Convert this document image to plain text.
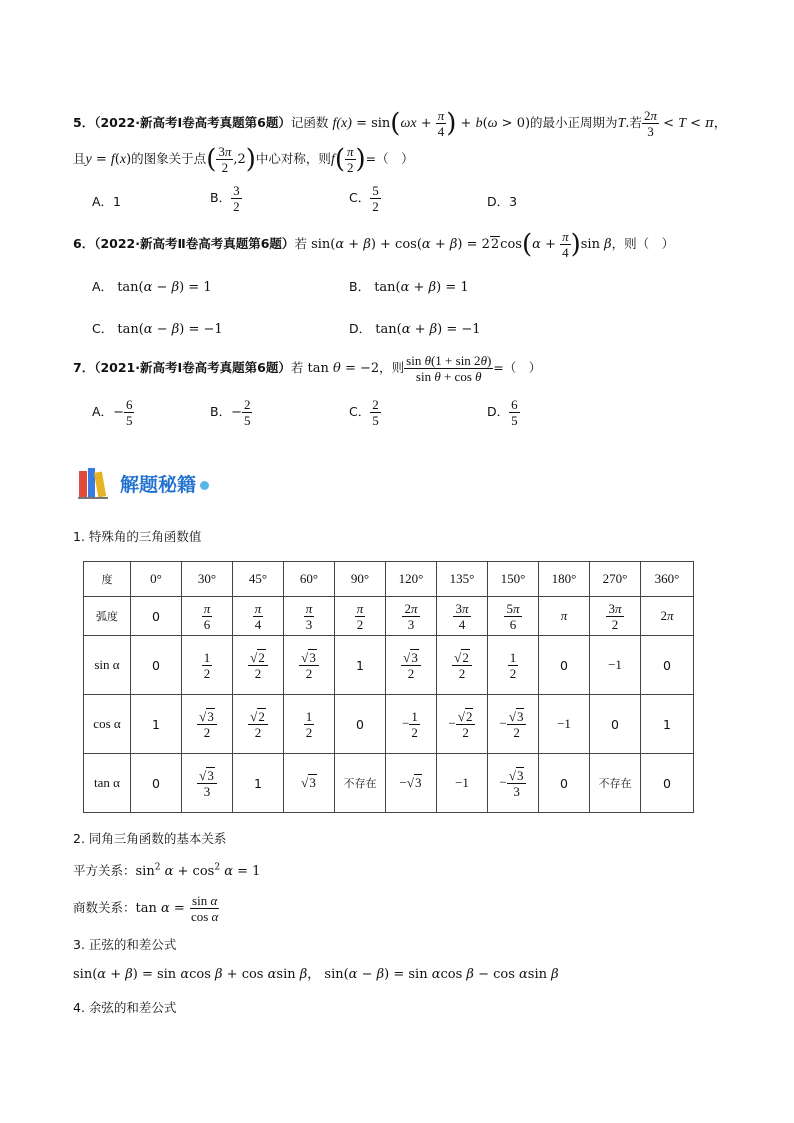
5．（2022·新高考Ⅰ卷高考真题第6题）记函数 $f(x) = \sin(\omega x + \frac{\pi}{4}$ ) + b(ω > 0)的最小正周期为T.若 $\frac{2\pi}{3} < T < \pi$，
且y = f(x)的图象关于点( $\frac{3\pi}{2} ,2$)中心对称，则$f( \frac{\pi}{2}$ )=（　）
A．1	B． $\frac{3}{2}$	C． $\frac{5}{2}$	D．3
6．（2022·新高考Ⅱ卷高考真题第6题）若 $\sin(\alpha + \beta) + \cos(\alpha + \beta) = 22\cos(\alpha + \frac{\pi}{4} )\sin$ β，则（　）
A． tan(α − β) = 1	B． tan(α + β) = 1
C． tan(α − β) = −1	D． tan(α + β) = −1
7．（2021·新高考Ⅰ卷高考真题第6题）若 tan θ = −2，则 $\frac{\text{sin θ(1 + sin 2θ)}}{\text{sin θ + cos θ}}$ =（　）
A．− $\frac{6}{5}$	B．− $\frac{2}{5}$	C． $\frac{2}{5}$	D． $\frac{6}{5}$
解题秘籍
1. 特殊角的三角函数值
度	0°	30°	45°	60°	90°	120°	135°	150°	180°	270°	360°
弧度	0	$\frac{\pi}{6}$	$\frac{\pi}{4}$	$\frac{\pi}{3}$	$\frac{\pi}{2}$	$\frac{2\pi}{3}$	$\frac{3\pi}{4}$	$\frac{5\pi}{6}$	π	$\frac{3\pi}{2}$	2π
sin α	0	$\frac{1}{2}$	$\frac{√2}{2}$	$\frac{√3}{2}$	1	$\frac{√3}{2}$	$\frac{√2}{2}$	$\frac{1}{2}$	0	−1	0
cos α	1	$\frac{√3}{2}$	$\frac{√2}{2}$	$\frac{1}{2}$	0	− $\frac{1}{2}$	− $\frac{√2}{2}$	− $\frac{√3}{2}$	−1	0	1
tan α	0	$\frac{√3}{3}$	1	√3	不存在	−√3	−1	− $\frac{√3}{3}$	0	不存在	0
2. 同角三角函数的基本关系
平方关系：$\sin^2 \alpha + \cos^2 \alpha = 1$
商数关系：$\tan \alpha = \frac{\text{sin α}}{\text{cos α}}$
3. 正弦的和差公式
sin(α + β) = sin αcos β + cos αsin β， sin(α − β) = sin αcos β − cos αsin β
4. 余弦的和差公式
